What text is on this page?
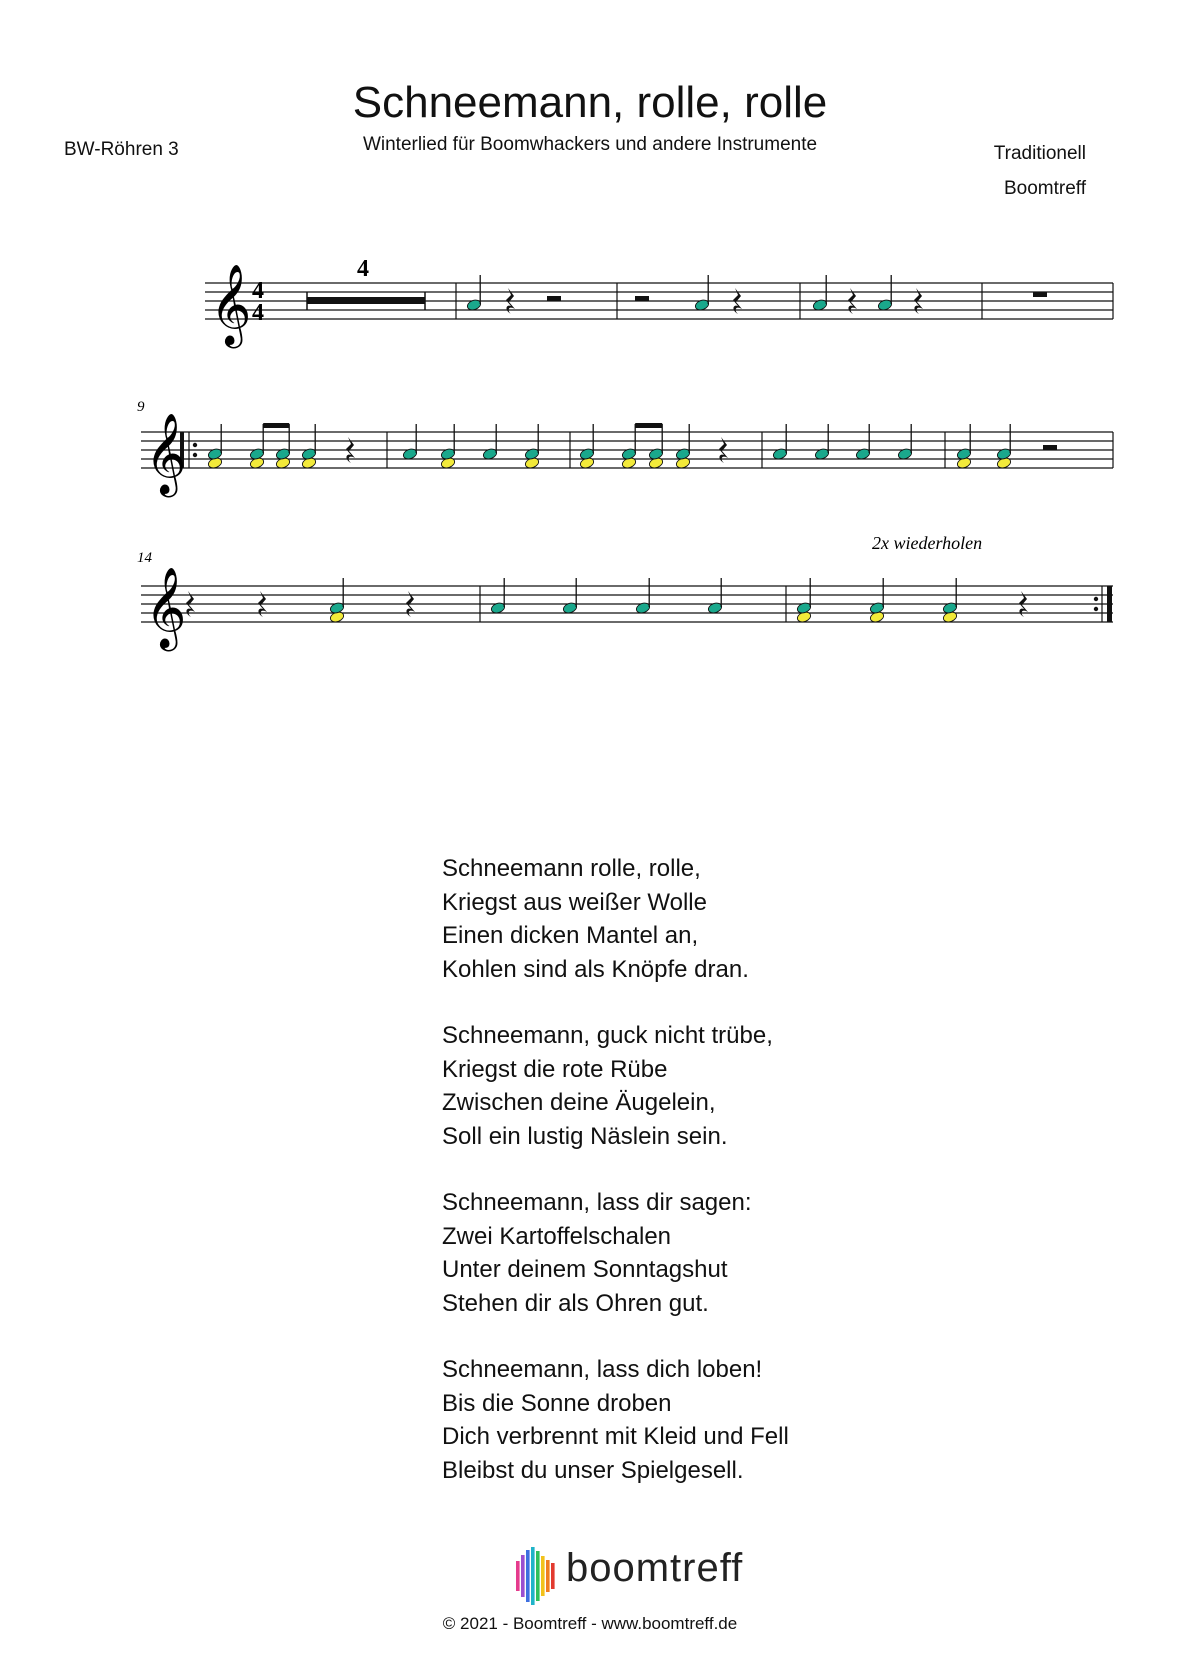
Schneemann, rolle, rolle
Winterlied für Boomwhackers und andere Instrumente
BW-Röhren 3	Traditionell
Boomtreff
𝄞 4
4
4
9
𝄞
14
2x wiederholen
𝄞
Schneemann rolle, rolle,
Kriegst aus weißer Wolle
Einen dicken Mantel an,
Kohlen sind als Knöpfe dran.
Schneemann, guck nicht trübe,
Kriegst die rote Rübe
Zwischen deine Äugelein,
Soll ein lustig Näslein sein.
Schneemann, lass dir sagen:
Zwei Kartoffelschalen
Unter deinem Sonntagshut
Stehen dir als Ohren gut.
Schneemann, lass dich loben!
Bis die Sonne droben
Dich verbrennt mit Kleid und Fell
Bleibst du unser Spielgesell.
boomtreff
© 2021 - Boomtreff - www.boomtreff.de
